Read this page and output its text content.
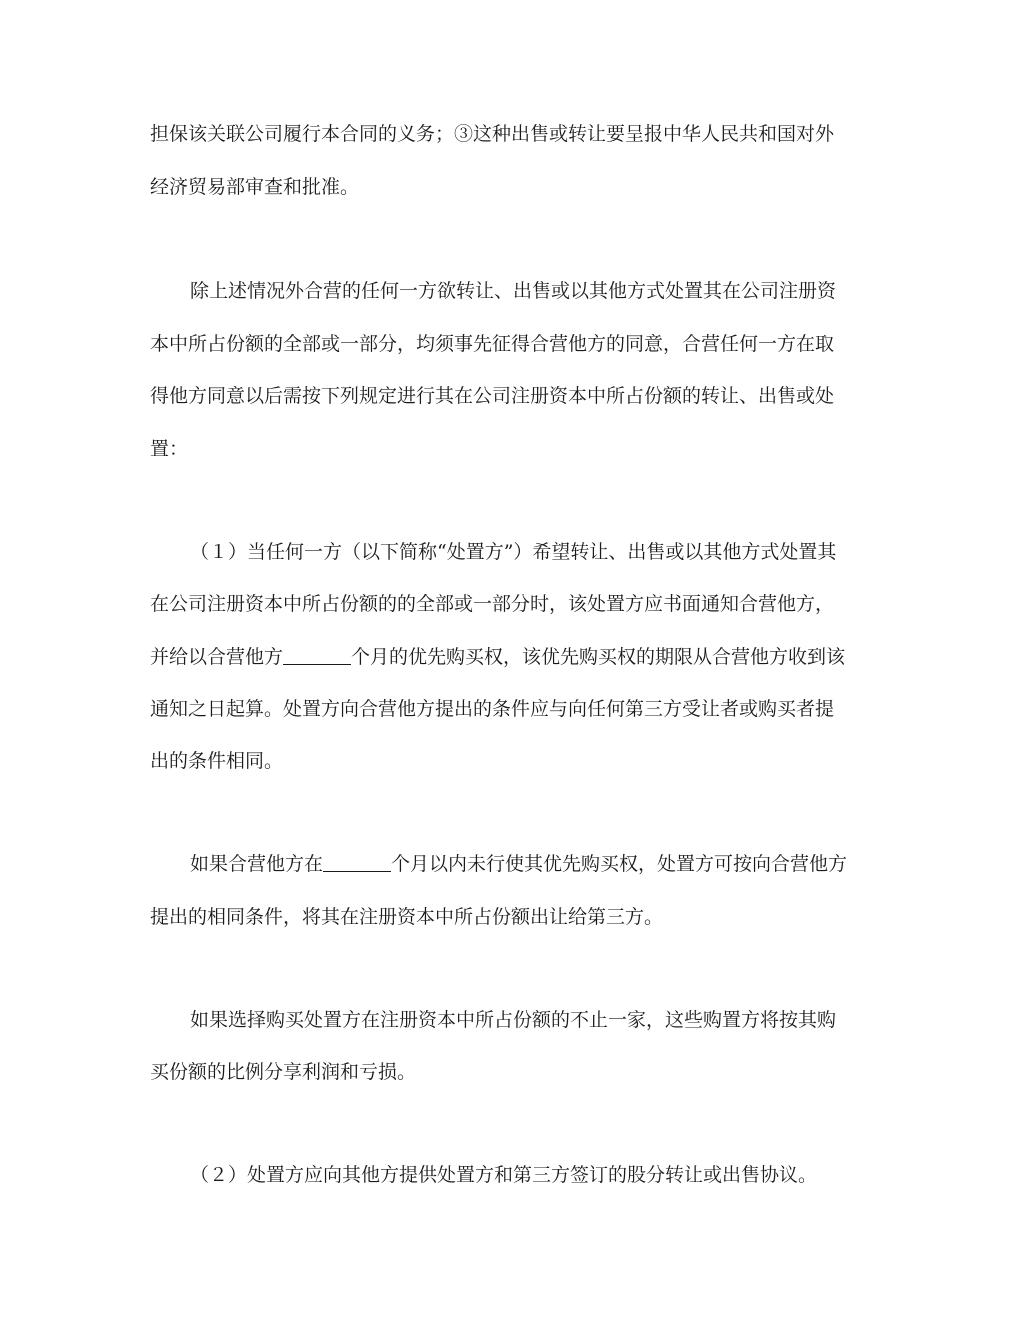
担保该关联公司履行本合同的义务；③这种出售或转让要呈报中华人民共和国对外
经济贸易部审查和批准。
除上述情况外合营的任何一方欲转让、出售或以其他方式处置其在公司注册资
本中所占份额的全部或一部分，均须事先征得合营他方的同意，合营任何一方在取
得他方同意以后需按下列规定进行其在公司注册资本中所占份额的转让、出售或处
置：
（１）当任何一方（以下简称“处置方”）希望转让、出售或以其他方式处置其
在公司注册资本中所占份额的的全部或一部分时，该处置方应书面通知合营他方，
并给以合营他方	个月的优先购买权，该优先购买权的期限从合营他方收到该
通知之日起算。处置方向合营他方提出的条件应与向任何第三方受让者或购买者提
出的条件相同。
如果合营他方在	个月以内未行使其优先购买权，处置方可按向合营他方
提出的相同条件，将其在注册资本中所占份额出让给第三方。
如果选择购买处置方在注册资本中所占份额的不止一家，这些购置方将按其购
买份额的比例分享利润和亏损。
（２）处置方应向其他方提供处置方和第三方签订的股分转让或出售协议。
